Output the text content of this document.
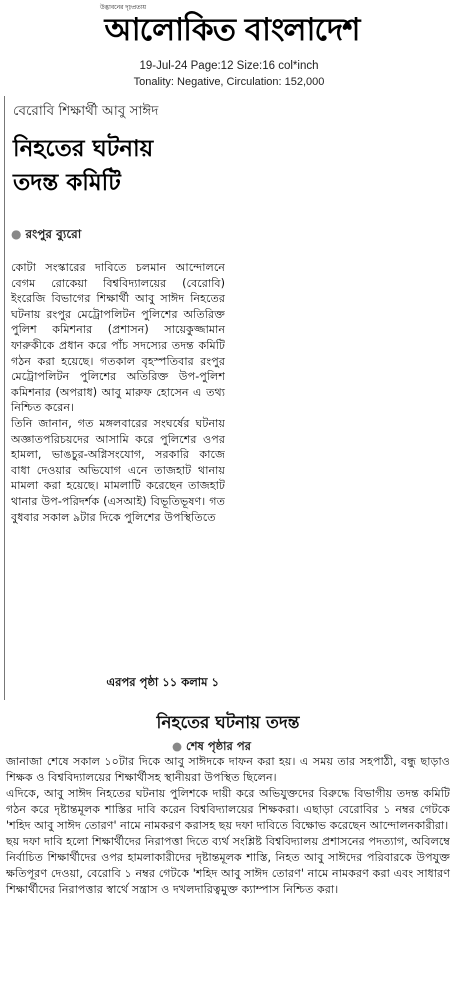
উদ্ভাবনের দৃঢ়প্রত্যয়
আলোকিত বাংলাদেশ
19-Jul-24 Page:12 Size:16 col*inch
Tonality: Negative, Circulation: 152,000
বেরোবি শিক্ষার্থী আবু সাঈদ
নিহতের ঘটনায়
তদন্ত কমিটি
● রংপুর ব্যুরো

কোটা সংস্কারের দাবিতে চলমান আন্দোলনে বেগম রোকেয়া বিশ্ববিদ্যালয়ের (বেরোবি) ইংরেজি বিভাগের শিক্ষার্থী আবু সাঈদ নিহতের ঘটনায় রংপুর মেট্রোপলিটন পুলিশের অতিরিক্ত পুলিশ কমিশনার (প্রশাসন) সায়েকুজ্জামান ফারুকীকে প্রধান করে পাঁচ সদস্যের তদন্ত কমিটি গঠন করা হয়েছে। গতকাল বৃহস্পতিবার রংপুর মেট্রোপলিটন পুলিশের অতিরিক্ত উপ-পুলিশ কমিশনার (অপরাধ) আবু মারুফ হোসেন এ তথ্য নিশ্চিত করেন।

তিনি জানান, গত মঙ্গলবারের সংঘর্ষের ঘটনায় অজ্ঞাতপরিচয়দের আসামি করে পুলিশের ওপর হামলা, ভাঙচুর-অগ্নিসংযোগ, সরকারি কাজে বাধা দেওয়ার অভিযোগ এনে তাজহাট থানায় মামলা করা হয়েছে। মামলাটি করেছেন তাজহাট থানার উপ-পরিদর্শক (এসআই) বিভূতিভূষণ। গত বুধবার সকাল ৯টার দিকে পুলিশের উপস্থিতিতে

এরপর পৃষ্ঠা ১১ কলাম ১
নিহতের ঘটনায় তদন্ত
● শেষ পৃষ্ঠার পর

জানাজা শেষে সকাল ১০টার দিকে আবু সাঈদকে দাফন করা হয়। এ সময় তার সহপাঠী, বন্ধু ছাড়াও শিক্ষক ও বিশ্ববিদ্যালয়ের শিক্ষার্থীসহ স্থানীয়রা উপস্থিত ছিলেন।

এদিকে, আবু সাঈদ নিহতের ঘটনায় পুলিশকে দায়ী করে অভিযুক্তদের বিরুদ্ধে বিভাগীয় তদন্ত কমিটি গঠন করে দৃষ্টান্তমূলক শাস্তির দাবি করেন বিশ্ববিদ্যালয়ের শিক্ষকরা। এছাড়া বেরোবির ১ নম্বর গেটকে 'শহিদ আবু সাঈদ তোরণ' নামে নামকরণ করাসহ ছয় দফা দাবিতে বিক্ষোভ করেছেন আন্দোলনকারীরা।

ছয় দফা দাবি হলো শিক্ষার্থীদের নিরাপত্তা দিতে ব্যর্থ সংশ্লিষ্ট বিশ্ববিদ্যালয় প্রশাসনের পদত্যাগ, অবিলম্বে নির্বাচিত শিক্ষার্থীদের ওপর হামলাকারীদের দৃষ্টান্তমূলক শাস্তি, নিহত আবু সাঈদের পরিবারকে উপযুক্ত ক্ষতিপূরণ দেওয়া, বেরোবি ১ নম্বর গেটকে 'শহিদ আবু সাঈদ তোরণ' নামে নামকরণ করা এবং সাধারণ শিক্ষার্থীদের নিরাপত্তার স্বার্থে সন্ত্রাস ও দখলদারিত্বমুক্ত ক্যাম্পাস নিশ্চিত করা।
